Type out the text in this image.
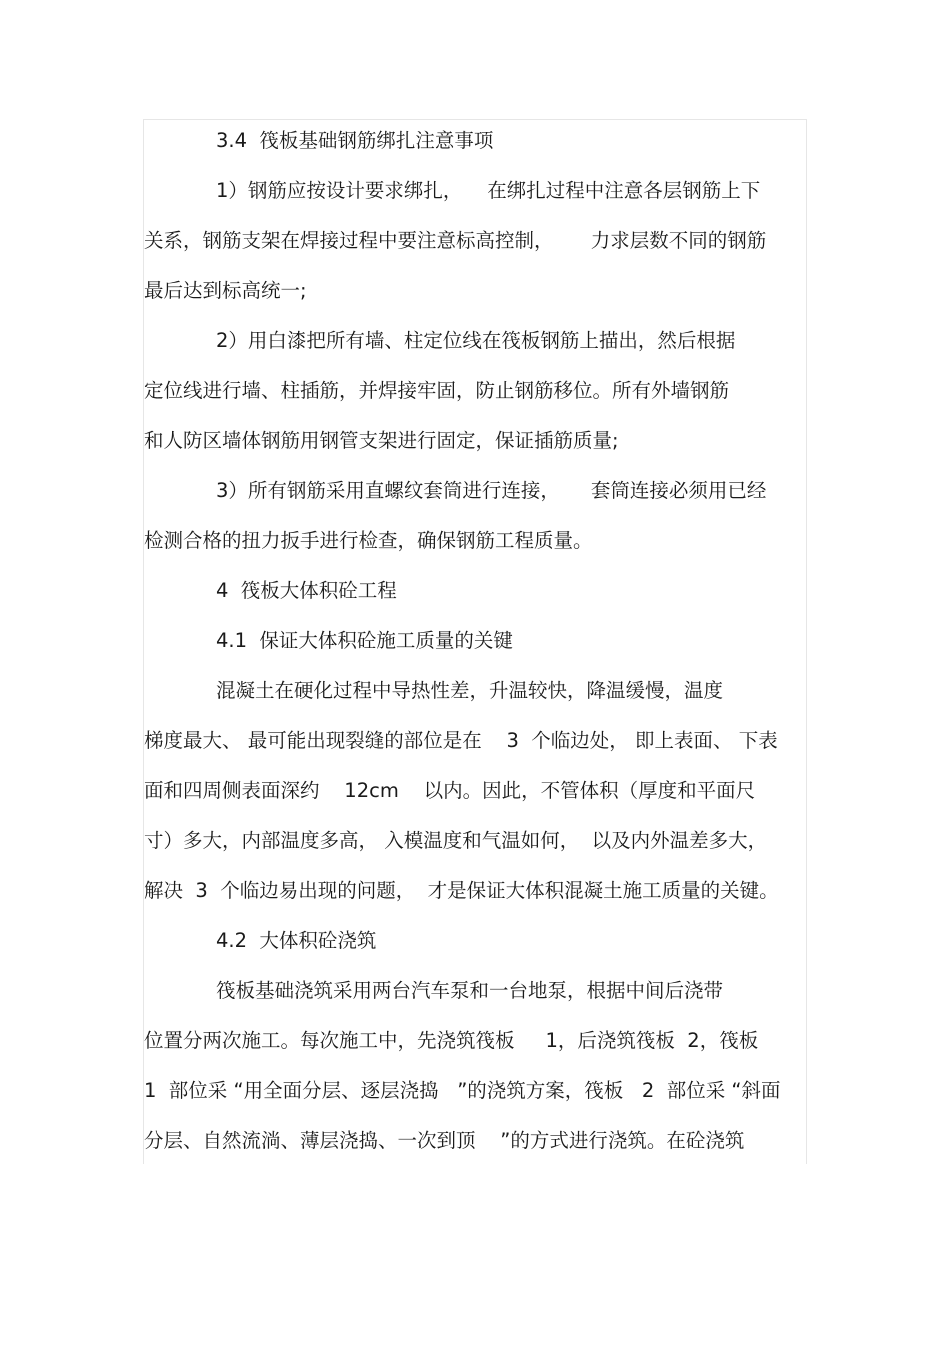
3.4  筏板基础钢筋绑扎注意事项
1）钢筋应按设计要求绑扎，    在绑扎过程中注意各层钢筋上下
关系，钢筋支架在焊接过程中要注意标高控制，      力求层数不同的钢筋
最后达到标高统一;
2）用白漆把所有墙、柱定位线在筏板钢筋上描出，然后根据
定位线进行墙、柱插筋，并焊接牢固，防止钢筋移位。所有外墙钢筋
和人防区墙体钢筋用钢管支架进行固定，保证插筋质量;
3）所有钢筋采用直螺纹套筒进行连接，     套筒连接必须用已经
检测合格的扭力扳手进行检查，确保钢筋工程质量。
4  筏板大体积砼工程
4.1  保证大体积砼施工质量的关键
混凝土在硬化过程中导热性差，升温较快，降温缓慢，温度
梯度最大、 最可能出现裂缝的部位是在    3  个临边处， 即上表面、 下表
面和四周侧表面深约    12cm    以内。因此，不管体积（厚度和平面尺
寸）多大，内部温度多高， 入模温度和气温如何，  以及内外温差多大，
解决  3  个临边易出现的问题，  才是保证大体积混凝土施工质量的关键。
4.2  大体积砼浇筑
筏板基础浇筑采用两台汽车泵和一台地泵，根据中间后浇带
位置分两次施工。每次施工中，先浇筑筏板     1，后浇筑筏板  2，筏板
1  部位采 “用全面分层、逐层浇捣   ”的浇筑方案，筏板   2  部位采 “斜面
分层、自然流淌、薄层浇捣、一次到顶    ”的方式进行浇筑。在砼浇筑
